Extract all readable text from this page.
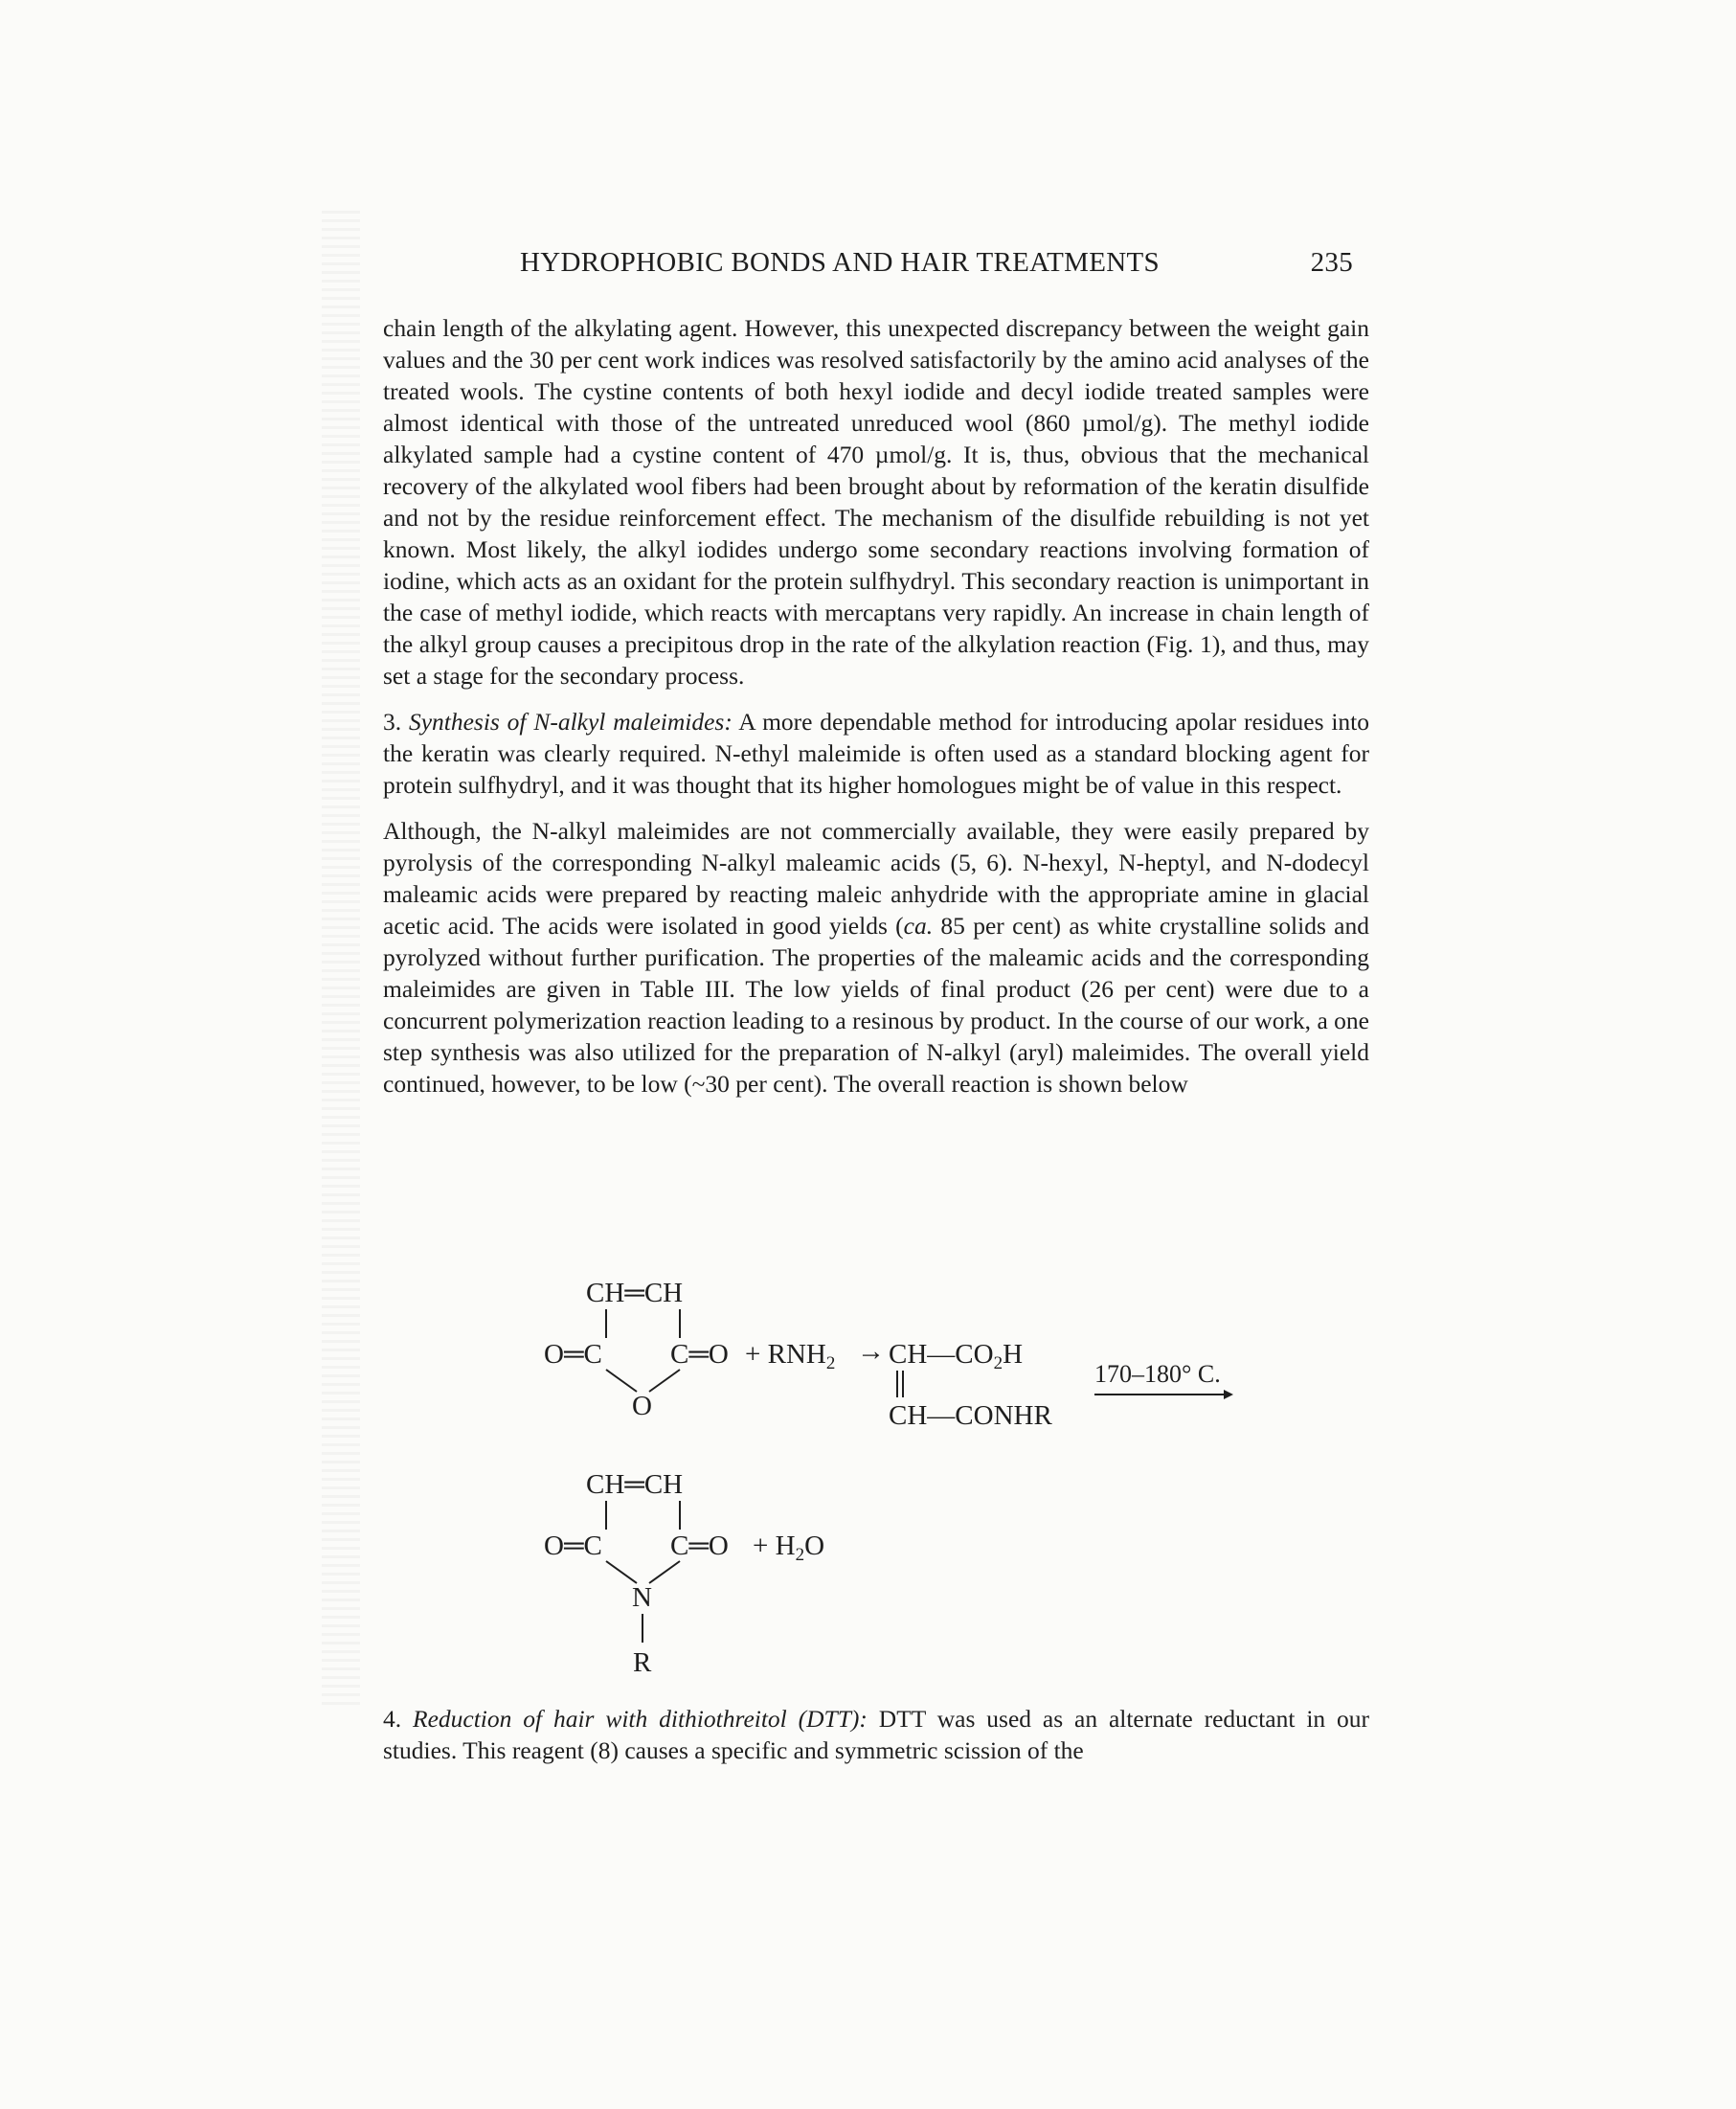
HYDROPHOBIC BONDS AND HAIR TREATMENTS	235

chain length of the alkylating agent. However, this unexpected discrepancy between the weight gain values and the 30 per cent work indices was resolved satisfactorily by the amino acid analyses of the treated wools. The cystine contents of both hexyl iodide and decyl iodide treated samples were almost identical with those of the untreated unreduced wool (860 µmol/g). The methyl iodide alkylated sample had a cystine content of 470 µmol/g. It is, thus, obvious that the mechanical recovery of the alkylated wool fibers had been brought about by reformation of the keratin disulfide and not by the residue reinforcement effect. The mechanism of the disulfide rebuilding is not yet known. Most likely, the alkyl iodides undergo some secondary reactions involving formation of iodine, which acts as an oxidant for the protein sulfhydryl. This secondary reaction is unimportant in the case of methyl iodide, which reacts with mercaptans very rapidly. An increase in chain length of the alkyl group causes a precipitous drop in the rate of the alkylation reaction (Fig. 1), and thus, may set a stage for the secondary process.

3. Synthesis of N-alkyl maleimides: A more dependable method for introducing apolar residues into the keratin was clearly required. N-ethyl maleimide is often used as a standard blocking agent for protein sulfhydryl, and it was thought that its higher homologues might be of value in this respect.

Although, the N-alkyl maleimides are not commercially available, they were easily prepared by pyrolysis of the corresponding N-alkyl maleamic acids (5, 6). N-hexyl, N-heptyl, and N-dodecyl maleamic acids were prepared by reacting maleic anhydride with the appropriate amine in glacial acetic acid. The acids were isolated in good yields (ca. 85 per cent) as white crystalline solids and pyrolyzed without further purification. The properties of the maleamic acids and the corresponding maleimides are given in Table III. The low yields of final product (26 per cent) were due to a concurrent polymerization reaction leading to a resinous by product. In the course of our work, a one step synthesis was also utilized for the preparation of N-alkyl (aryl) maleimides. The overall yield continued, however, to be low (~30 per cent). The overall reaction is shown below

CH═CH
O═C C═O
O
+ $RNH_2$ → $CH—CO_2H$
CH—CONHR
170–180° C.
CH═CH
O═C C═O
N
R
+ $H_2O$

4. Reduction of hair with dithiothreitol (DTT): DTT was used as an alternate reductant in our studies. This reagent (8) causes a specific and symmetric scission of the
